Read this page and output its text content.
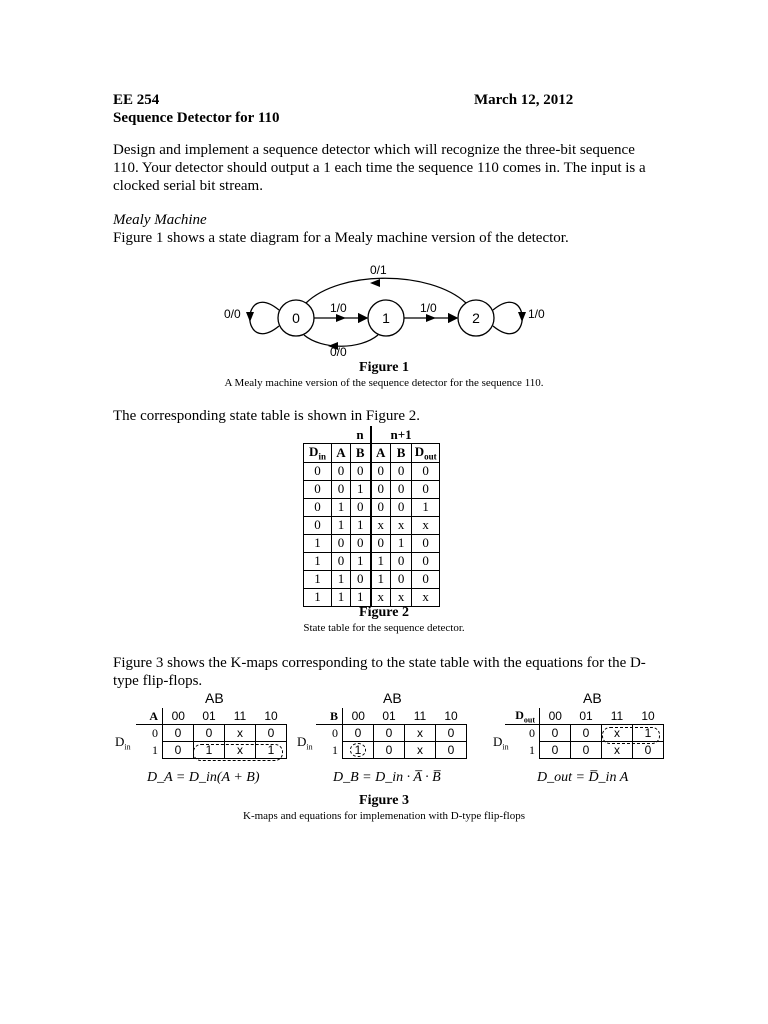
EE 254	March 12, 2012
Sequence Detector for 110
Design and implement a sequence detector which will recognize the three-bit sequence 110. Your detector should output a 1 each time the sequence 110 comes in. The input is a clocked serial bit stream.
Mealy Machine
Figure 1 shows a state diagram for a Mealy machine version of the detector.
0	1	2
0/0	1/0
1/0	1/0
0/1
0/0
Figure 1
A Mealy machine version of the sequence detector for the sequence 110.
The corresponding state table is shown in Figure 2.
		n		n+1	
$D_{in}$	A	B	A	B	$D_{out}$
0	0	0	0	0	0
0	0	1	0	0	0
0	1	0	0	0	1
0	1	1	x	x	x
1	0	0	0	1	0
1	0	1	1	0	0
1	1	0	1	0	0
1	1	1	x	x	x
Figure 2
State table for the sequence detector.
Figure 3 shows the K-maps corresponding to the state table with the equations for the D-type flip-flops.
AB
A	00	01	11	10
0	0	0	x	0
1	0	1	x	1
$D_{in}$
D_A = D_in(A + B)
AB
B	00	01	11	10
0	0	0	x	0
1	1	0	x	0
$D_{in}$
D_B = D_in · A̅ · B̅
AB
$D_{out}$	00	01	11	10
0	0	0	x	1
1	0	0	x	0
$D_{in}$
D_out = D̅_in A
Figure 3
K-maps and equations for implemenation with D-type flip-flops
